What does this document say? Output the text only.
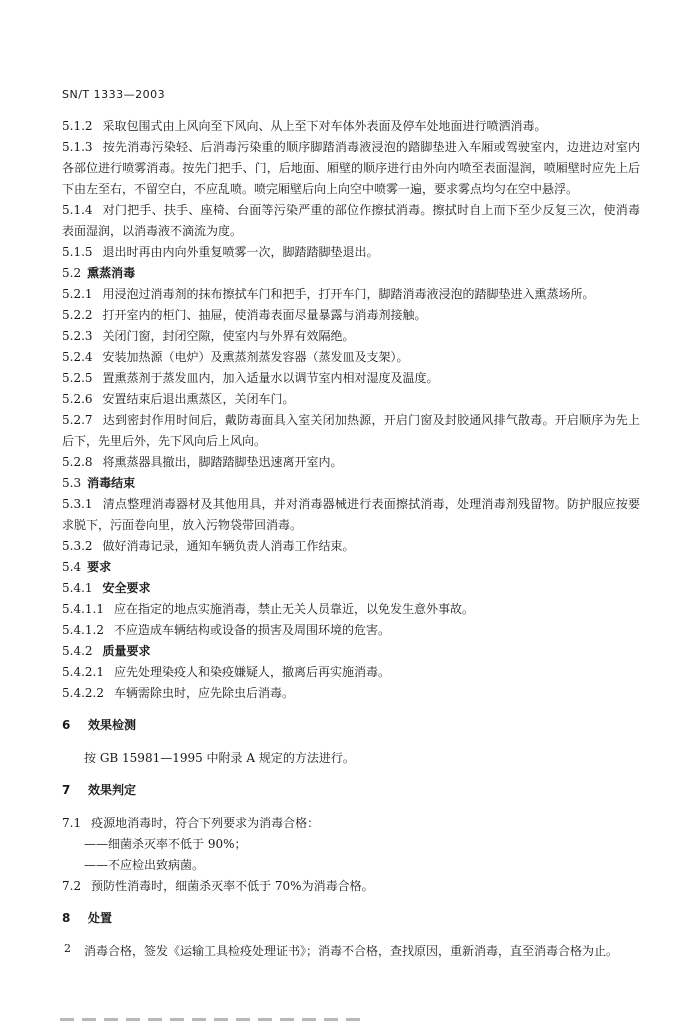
SN/T 1333—2003

5.1.2 采取包围式由上风向至下风向、从上至下对车体外表面及停车处地面进行喷洒消毒。

5.1.3 按先消毒污染轻、后消毒污染重的顺序脚踏消毒液浸泡的踏脚垫进入车厢或驾驶室内，边进边对室内各部位进行喷雾消毒。按先门把手、门，后地面、厢壁的顺序进行由外向内喷至表面湿润，喷厢壁时应先上后下由左至右，不留空白，不应乱喷。喷完厢壁后向上向空中喷雾一遍，要求雾点均匀在空中悬浮。

5.1.4 对门把手、扶手、座椅、台面等污染严重的部位作擦拭消毒。擦拭时自上而下至少反复三次，使消毒表面湿润，以消毒液不滴流为度。

5.1.5 退出时再由内向外重复喷雾一次，脚踏踏脚垫退出。

5.2 熏蒸消毒

5.2.1 用浸泡过消毒剂的抹布擦拭车门和把手，打开车门，脚踏消毒液浸泡的踏脚垫进入熏蒸场所。

5.2.2 打开室内的柜门、抽屉，使消毒表面尽量暴露与消毒剂接触。

5.2.3 关闭门窗，封闭空隙，使室内与外界有效隔绝。

5.2.4 安装加热源（电炉）及熏蒸剂蒸发容器（蒸发皿及支架）。

5.2.5 置熏蒸剂于蒸发皿内，加入适量水以调节室内相对湿度及温度。

5.2.6 安置结束后退出熏蒸区，关闭车门。

5.2.7 达到密封作用时间后，戴防毒面具入室关闭加热源，开启门窗及封胶通风排气散毒。开启顺序为先上后下，先里后外，先下风向后上风向。

5.2.8 将熏蒸器具撤出，脚踏踏脚垫迅速离开室内。

5.3 消毒结束

5.3.1 清点整理消毒器材及其他用具，并对消毒器械进行表面擦拭消毒，处理消毒剂残留物。防护服应按要求脱下，污面卷向里，放入污物袋带回消毒。

5.3.2 做好消毒记录，通知车辆负责人消毒工作结束。

5.4 要求

5.4.1 安全要求

5.4.1.1 应在指定的地点实施消毒，禁止无关人员靠近，以免发生意外事故。

5.4.1.2 不应造成车辆结构或设备的损害及周围环境的危害。

5.4.2 质量要求

5.4.2.1 应先处理染疫人和染疫嫌疑人，撤离后再实施消毒。

5.4.2.2 车辆需除虫时，应先除虫后消毒。

6 效果检测

按 GB 15981—1995 中附录 A 规定的方法进行。

7 效果判定

7.1 疫源地消毒时，符合下列要求为消毒合格：

——细菌杀灭率不低于 90%；

——不应检出致病菌。

7.2 预防性消毒时，细菌杀灭率不低于 70%为消毒合格。

8 处置

消毒合格，签发《运输工具检疫处理证书》；消毒不合格，查找原因，重新消毒，直至消毒合格为止。

2
